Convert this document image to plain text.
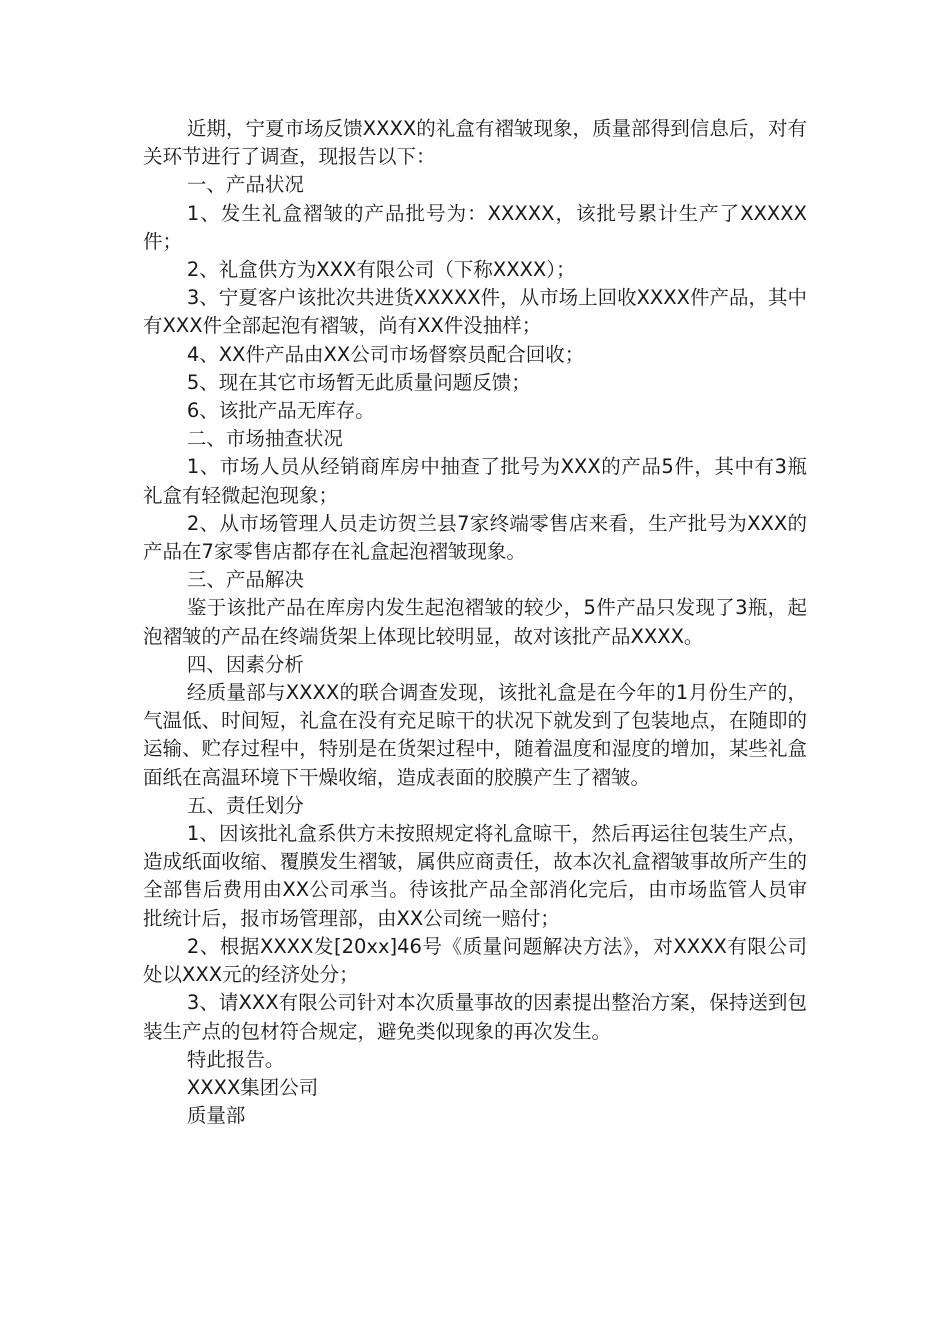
近期，宁夏市场反馈XXXX的礼盒有褶皱现象，质量部得到信息后，对有关环节进行了调查，现报告以下：

一、产品状况

1、发生礼盒褶皱的产品批号为：XXXXX，该批号累计生产了XXXXX件；

2、礼盒供方为XXX有限公司（下称XXXX）；

3、宁夏客户该批次共进货XXXXX件，从市场上回收XXXX件产品，其中有XXX件全部起泡有褶皱，尚有XX件没抽样；

4、XX件产品由XX公司市场督察员配合回收；

5、现在其它市场暂无此质量问题反馈；

6、该批产品无库存。

二、市场抽查状况

1、市场人员从经销商库房中抽查了批号为XXX的产品5件，其中有3瓶礼盒有轻微起泡现象；

2、从市场管理人员走访贺兰县7家终端零售店来看，生产批号为XXX的产品在7家零售店都存在礼盒起泡褶皱现象。

三、产品解决

鉴于该批产品在库房内发生起泡褶皱的较少，5件产品只发现了3瓶，起泡褶皱的产品在终端货架上体现比较明显，故对该批产品XXXX。

四、因素分析

经质量部与XXXX的联合调查发现，该批礼盒是在今年的1月份生产的，气温低、时间短，礼盒在没有充足晾干的状况下就发到了包装地点，在随即的运输、贮存过程中，特别是在货架过程中，随着温度和湿度的增加，某些礼盒面纸在高温环境下干燥收缩，造成表面的胶膜产生了褶皱。

五、责任划分

1、因该批礼盒系供方未按照规定将礼盒晾干，然后再运往包装生产点，造成纸面收缩、覆膜发生褶皱，属供应商责任，故本次礼盒褶皱事故所产生的全部售后费用由XX公司承当。待该批产品全部消化完后，由市场监管人员审批统计后，报市场管理部，由XX公司统一赔付；

2、根据XXXX发[20xx]46号《质量问题解决方法》，对XXXX有限公司处以XXX元的经济处分；

3、请XXX有限公司针对本次质量事故的因素提出整治方案，保持送到包装生产点的包材符合规定，避免类似现象的再次发生。

特此报告。

XXXX集团公司

质量部
